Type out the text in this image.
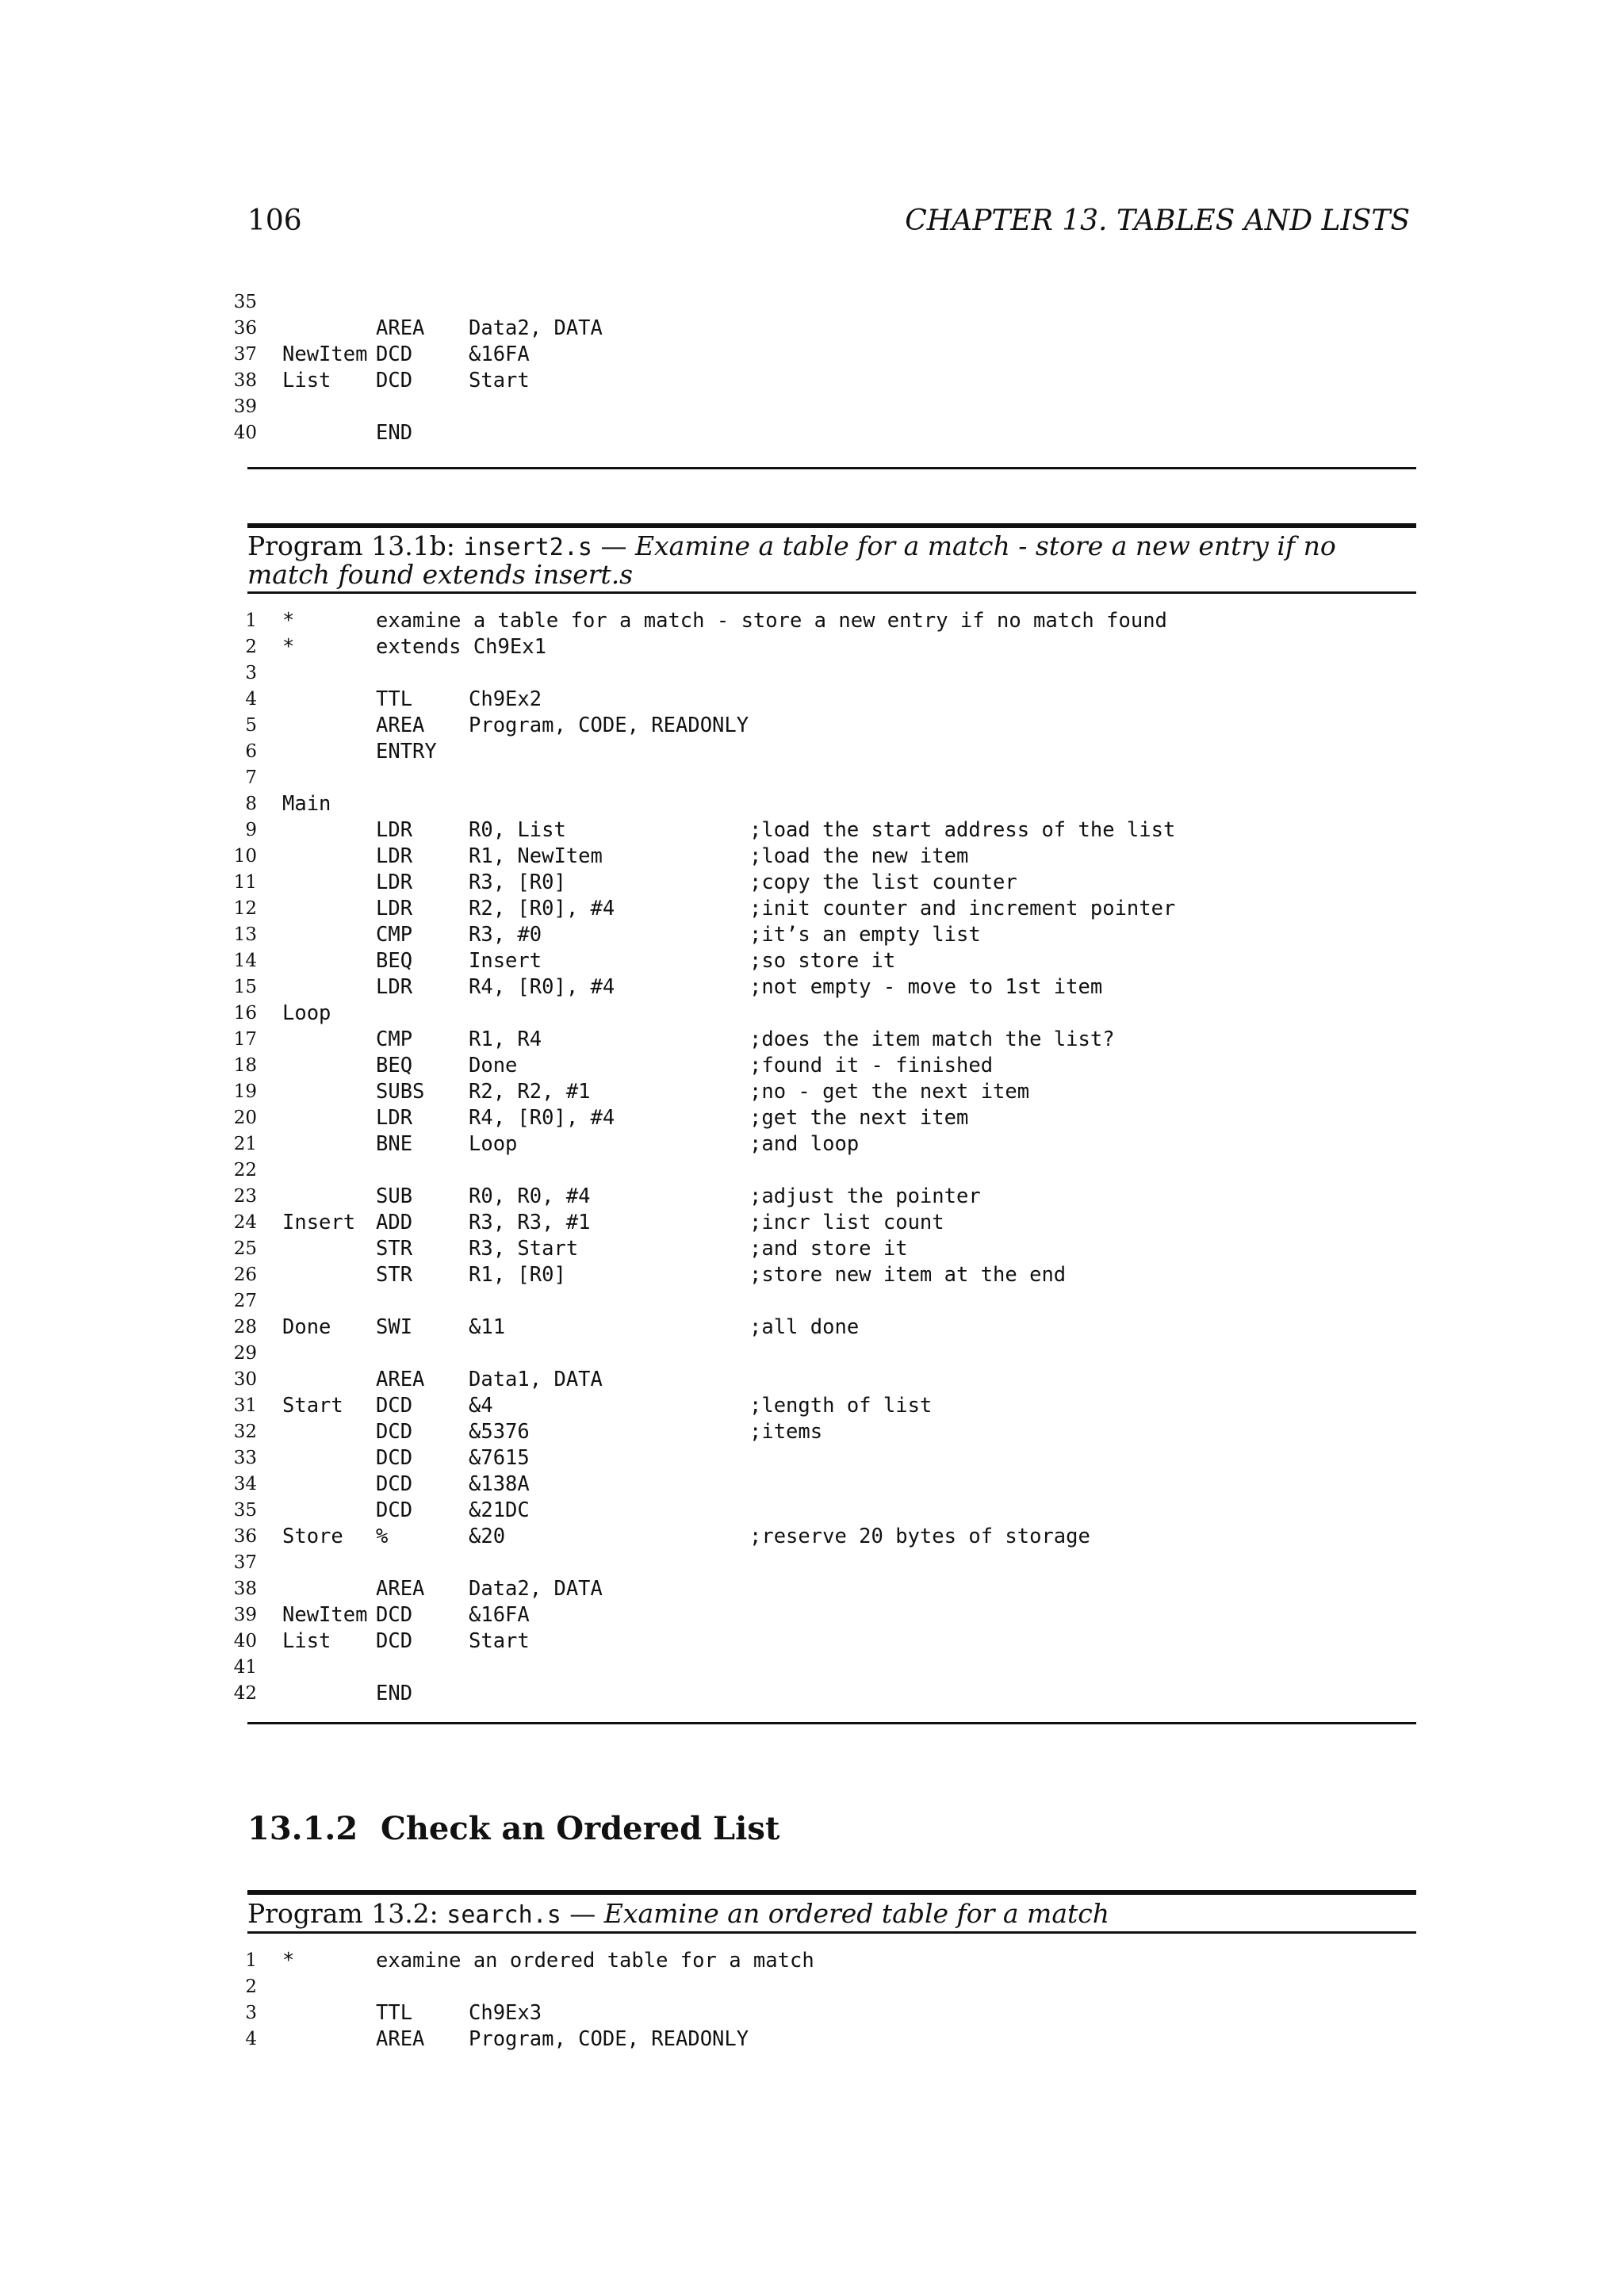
106	CHAPTER 13. TABLES AND LISTS
35
36	AREA Data2, DATA
37 NewItem DCD	&16FA
38 List DCD	Start
39
40	END
Program 13.1b: insert2.s — Examine a table for a match - store a new entry if no match found extends insert.s
1 *	examine a table for a match - store a new entry if no match found
2 *	extends Ch9Ex1
3
4	TTL	Ch9Ex2
5	AREA Program, CODE, READONLY
6	ENTRY
7
8 Main
9	LDR	R0, List	;load the start address of the list
10	LDR	R1, NewItem	;load the new item
11	LDR	R3, [R0]	;copy the list counter
12	LDR	R2, [R0], #4	;init counter and increment pointer
13	CMP	R3, #0	;it’s an empty list
14	BEQ	Insert	;so store it
15	LDR	R4, [R0], #4	;not empty - move to 1st item
16 Loop
17	CMP	R1, R4	;does the item match the list?
18	BEQ	Done	;found it - finished
19	SUBS R2, R2, #1	;no - get the next item
20	LDR	R4, [R0], #4	;get the next item
21	BNE	Loop	;and loop
22
23	SUB	R0, R0, #4	;adjust the pointer
24 Insert ADD	R3, R3, #1	;incr list count
25	STR	R3, Start	;and store it
26	STR	R1, [R0]	;store new item at the end
27
28 Done SWI	&11	;all done
29
30	AREA Data1, DATA
31 Start DCD	&4	;length of list
32	DCD	&5376	;items
33	DCD	&7615
34	DCD	&138A
35	DCD	&21DC
36 Store %	&20	;reserve 20 bytes of storage
37
38	AREA Data2, DATA
39 NewItem DCD	&16FA
40 List DCD	Start
41
42	END
13.1.2 Check an Ordered List
Program 13.2: search.s — Examine an ordered table for a match
1 *	examine an ordered table for a match
2
3	TTL	Ch9Ex3
4	AREA Program, CODE, READONLY
